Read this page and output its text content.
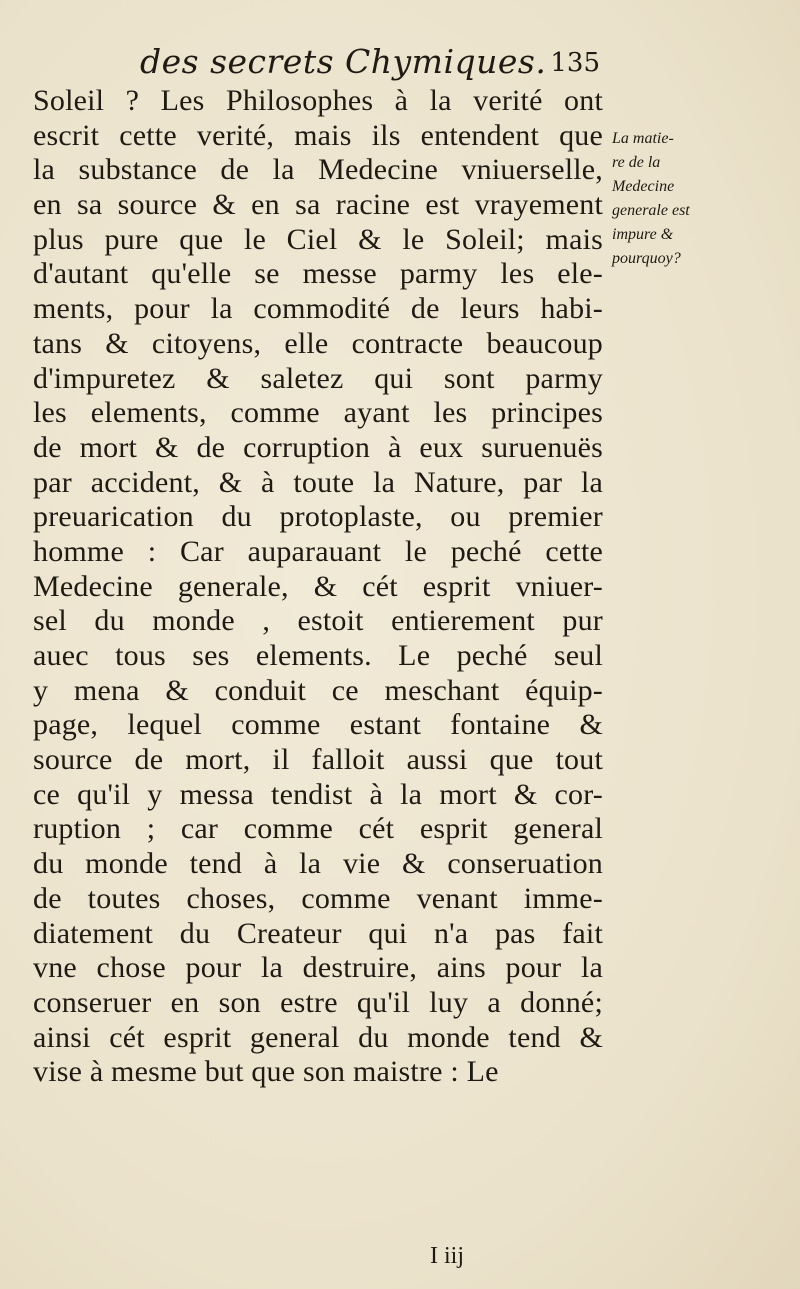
des secrets Chymiques. 135
Soleil ? Les Philosophes à la verité ont
escrit cette verité, mais ils entendent que
la substance de la Medecine vniuerselle,
en sa source & en sa racine est vrayement
plus pure que le Ciel & le Soleil; mais
d'autant qu'elle se messe parmy les ele-
ments, pour la commodité de leurs habi-
tans & citoyens, elle contracte beaucoup
d'impuretez & saletez qui sont parmy
les elements, comme ayant les principes
de mort & de corruption à eux suruenuës
par accident, & à toute la Nature, par la
preuarication du protoplaste, ou premier
homme : Car auparauant le peché cette
Medecine generale, & cét esprit vniuer-
sel du monde , estoit entierement pur
auec tous ses elements. Le peché seul
y mena & conduit ce meschant équip-
page, lequel comme estant fontaine &
source de mort, il falloit aussi que tout
ce qu'il y messa tendist à la mort & cor-
ruption ; car comme cét esprit general
du monde tend à la vie & conseruation
de toutes choses, comme venant imme-
diatement du Createur qui n'a pas fait
vne chose pour la destruire, ains pour la
conseruer en son estre qu'il luy a donné;
ainsi cét esprit general du monde tend &
vise à mesme but que son maistre : Le
La matie-
re de la
Medecine
generale est
impure &
pourquoy?
I iij
